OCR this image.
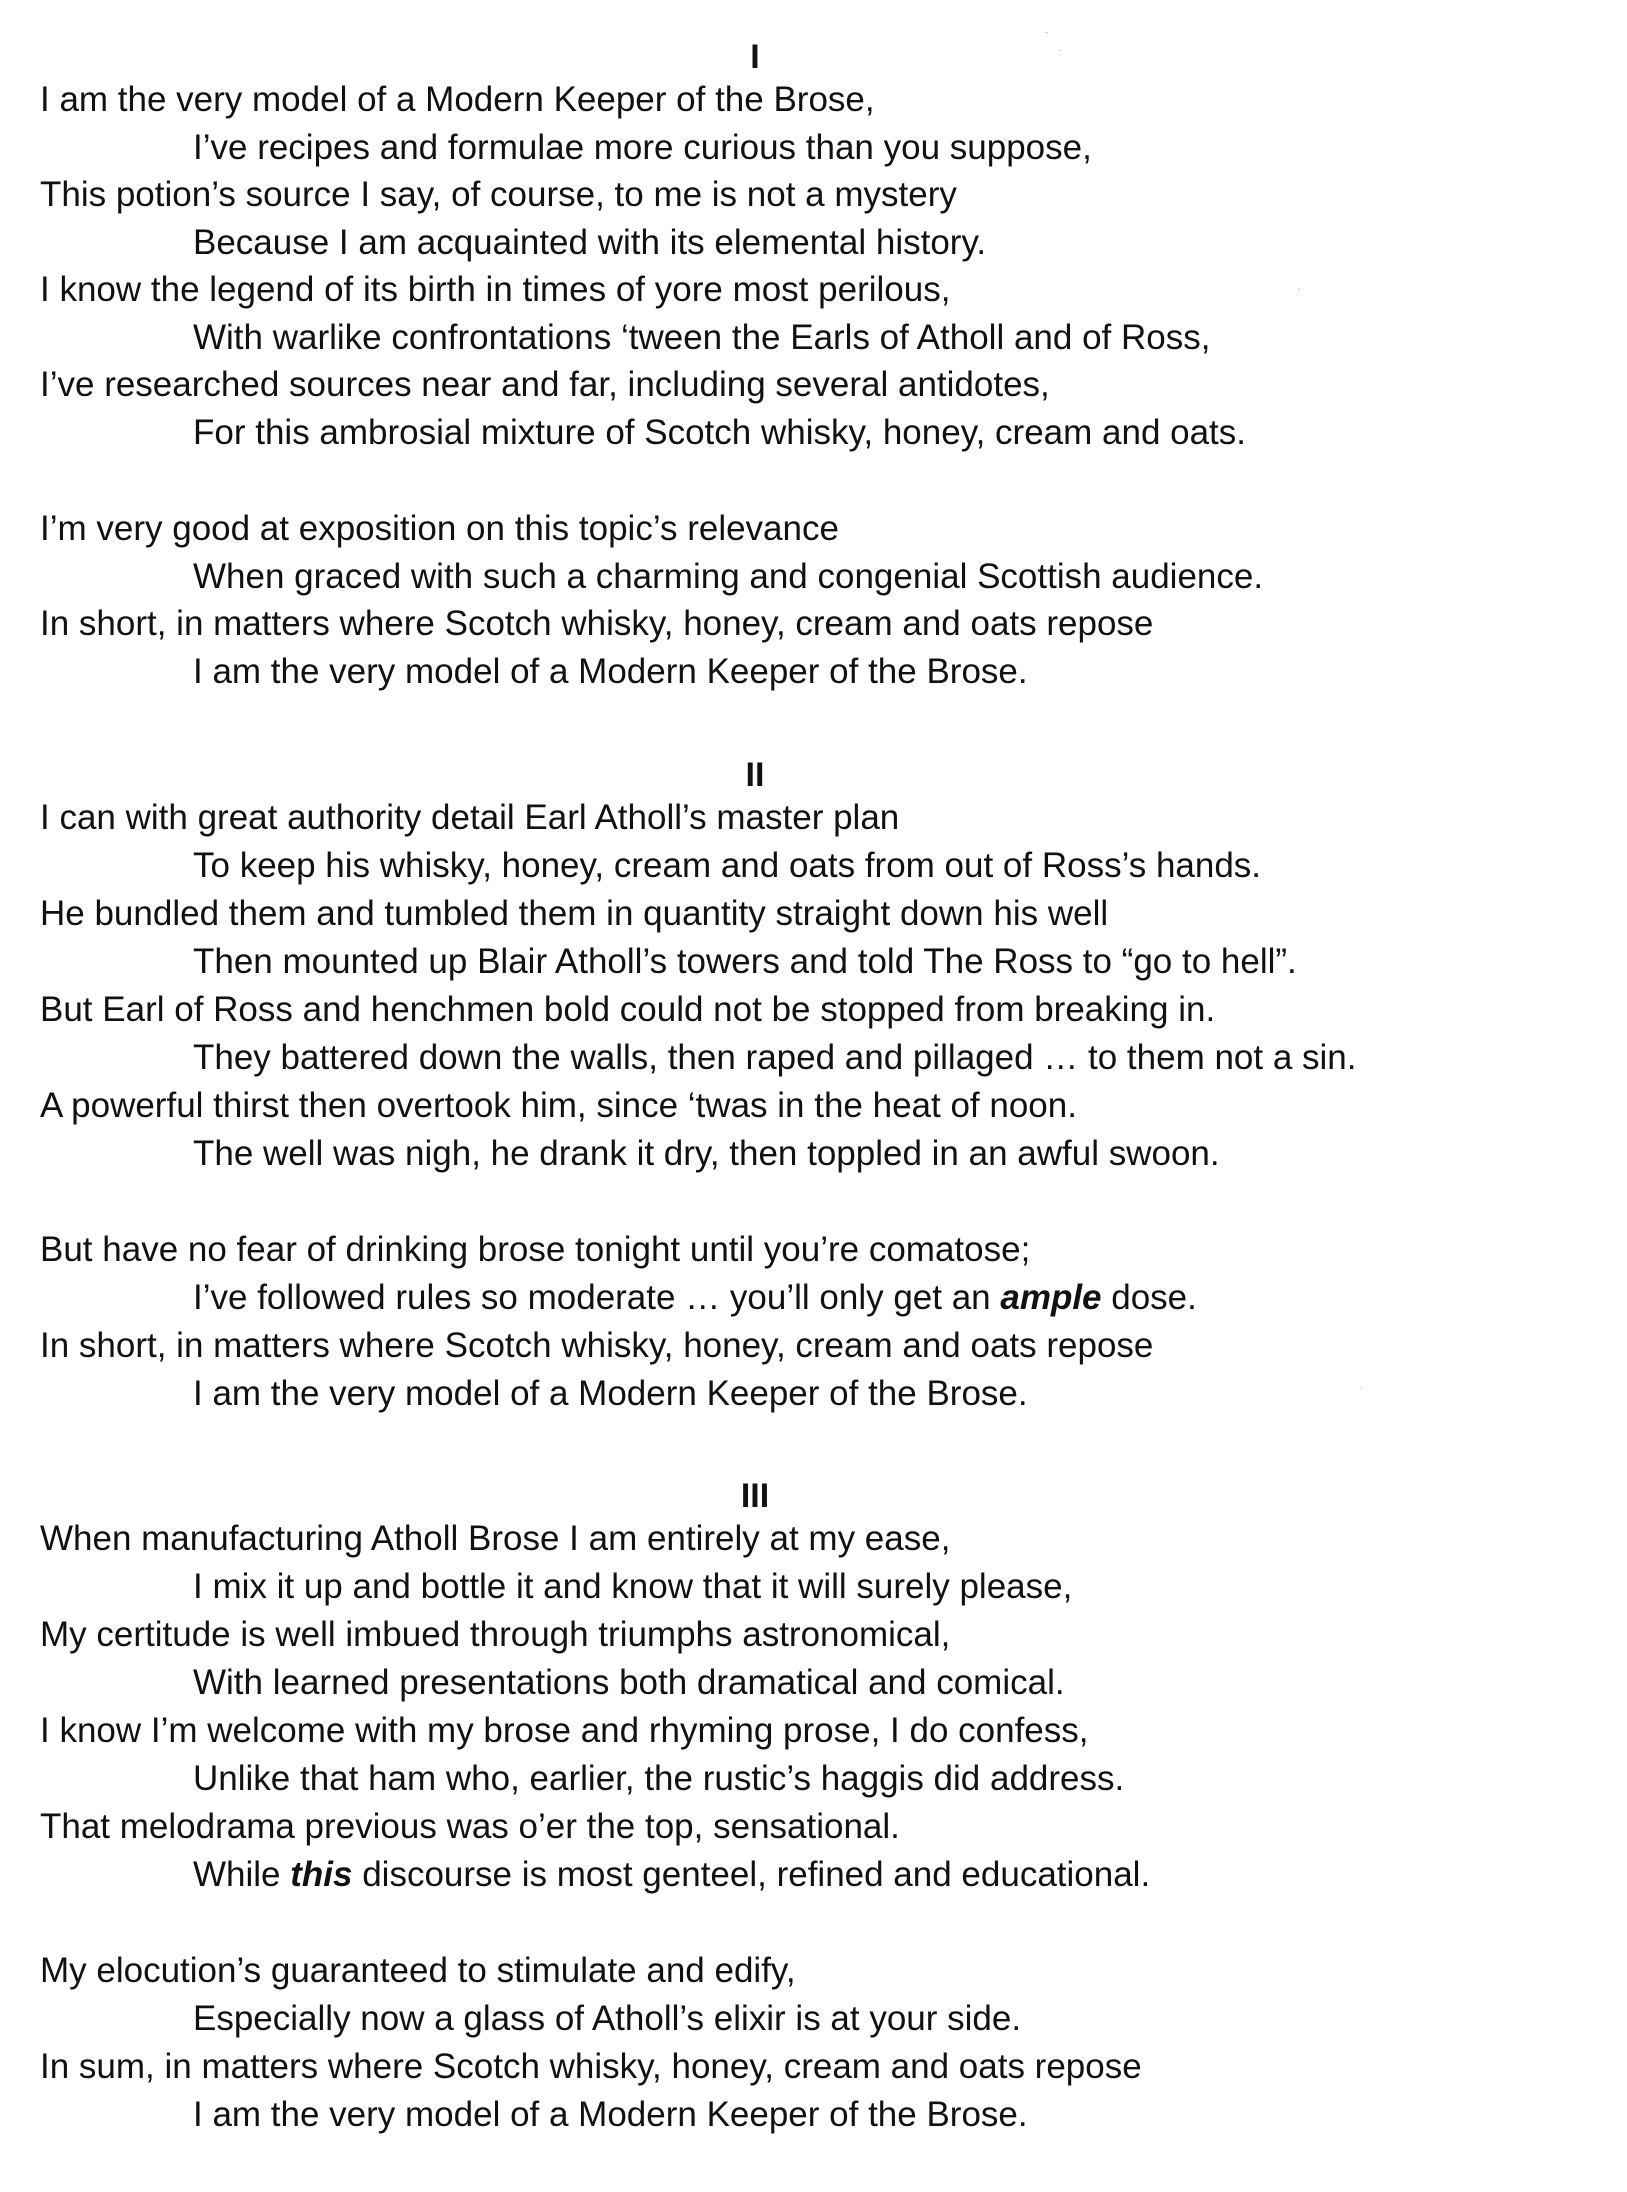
I
I am the very model of a Modern Keeper of the Brose,
I’ve recipes and formulae more curious than you suppose,
This potion’s source I say, of course, to me is not a mystery
Because I am acquainted with its elemental history.
I know the legend of its birth in times of yore most perilous,
With warlike confrontations ‘tween the Earls of Atholl and of Ross,
I’ve researched sources near and far, including several antidotes,
For this ambrosial mixture of Scotch whisky, honey, cream and oats.
I’m very good at exposition on this topic’s relevance
When graced with such a charming and congenial Scottish audience.
In short, in matters where Scotch whisky, honey, cream and oats repose
I am the very model of a Modern Keeper of the Brose.
II
I can with great authority detail Earl Atholl’s master plan
To keep his whisky, honey, cream and oats from out of Ross’s hands.
He bundled them and tumbled them in quantity straight down his well
Then mounted up Blair Atholl’s towers and told The Ross to “go to hell”.
But Earl of Ross and henchmen bold could not be stopped from breaking in.
They battered down the walls, then raped and pillaged … to them not a sin.
A powerful thirst then overtook him, since ‘twas in the heat of noon.
The well was nigh, he drank it dry, then toppled in an awful swoon.
But have no fear of drinking brose tonight until you’re comatose;
I’ve followed rules so moderate … you’ll only get an ample dose.
In short, in matters where Scotch whisky, honey, cream and oats repose
I am the very model of a Modern Keeper of the Brose.
III
When manufacturing Atholl Brose I am entirely at my ease,
I mix it up and bottle it and know that it will surely please,
My certitude is well imbued through triumphs astronomical,
With learned presentations both dramatical and comical.
I know I’m welcome with my brose and rhyming prose, I do confess,
Unlike that ham who, earlier, the rustic’s haggis did address.
That melodrama previous was o’er the top, sensational.
While this discourse is most genteel, refined and educational.
My elocution’s guaranteed to stimulate and edify,
Especially now a glass of Atholl’s elixir is at your side.
In sum, in matters where Scotch whisky, honey, cream and oats repose
I am the very model of a Modern Keeper of the Brose.
·
·
·
·
